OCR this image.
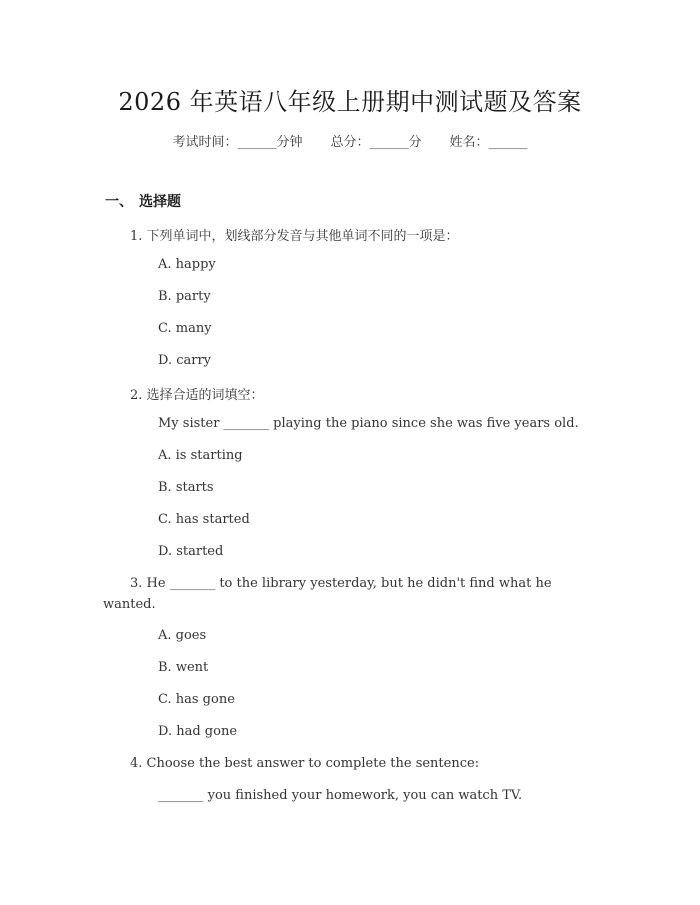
2026 年英语八年级上册期中测试题及答案
考试时间：______分钟 总分：______分 姓名：______
一、 选择题
1. 下列单词中，划线部分发音与其他单词不同的一项是：
A. happy
B. party
C. many
D. carry
2. 选择合适的词填空：
My sister _______ playing the piano since she was five years old.
A. is starting
B. starts
C. has started
D. started
3. He _______ to the library yesterday, but he didn't find what he
wanted.
A. goes
B. went
C. has gone
D. had gone
4. Choose the best answer to complete the sentence:
_______ you finished your homework, you can watch TV.
